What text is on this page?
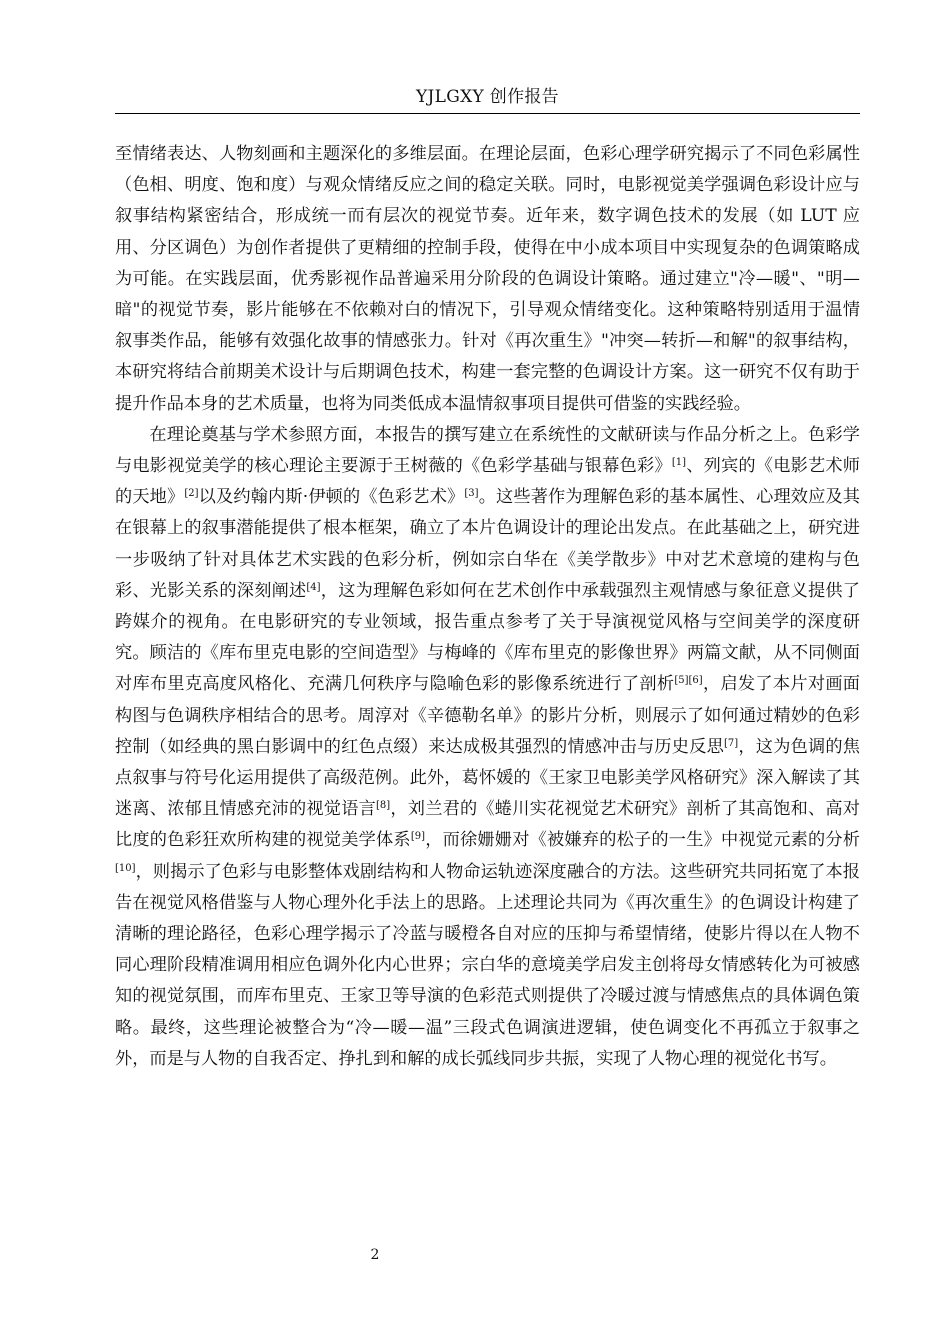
YJLGXY 创作报告

至情绪表达、人物刻画和主题深化的多维层面。在理论层面，色彩心理学研究揭示了不同色彩属性（色相、明度、饱和度）与观众情绪反应之间的稳定关联。同时，电影视觉美学强调色彩设计应与叙事结构紧密结合，形成统一而有层次的视觉节奏。近年来，数字调色技术的发展（如 LUT 应用、分区调色）为创作者提供了更精细的控制手段，使得在中小成本项目中实现复杂的色调策略成为可能。在实践层面，优秀影视作品普遍采用分阶段的色调设计策略。通过建立"冷—暖"、"明—暗"的视觉节奏，影片能够在不依赖对白的情况下，引导观众情绪变化。这种策略特别适用于温情叙事类作品，能够有效强化故事的情感张力。针对《再次重生》"冲突—转折—和解"的叙事结构，本研究将结合前期美术设计与后期调色技术，构建一套完整的色调设计方案。这一研究不仅有助于提升作品本身的艺术质量，也将为同类低成本温情叙事项目提供可借鉴的实践经验。

在理论奠基与学术参照方面，本报告的撰写建立在系统性的文献研读与作品分析之上。色彩学与电影视觉美学的核心理论主要源于王树薇的《色彩学基础与银幕色彩》[1]、列宾的《电影艺术师的天地》[2]以及约翰内斯·伊顿的《色彩艺术》[3]。这些著作为理解色彩的基本属性、心理效应及其在银幕上的叙事潜能提供了根本框架，确立了本片色调设计的理论出发点。在此基础之上，研究进一步吸纳了针对具体艺术实践的色彩分析，例如宗白华在《美学散步》中对艺术意境的建构与色彩、光影关系的深刻阐述[4]，这为理解色彩如何在艺术创作中承载强烈主观情感与象征意义提供了跨媒介的视角。在电影研究的专业领域，报告重点参考了关于导演视觉风格与空间美学的深度研究。顾洁的《库布里克电影的空间造型》与梅峰的《库布里克的影像世界》两篇文献，从不同侧面对库布里克高度风格化、充满几何秩序与隐喻色彩的影像系统进行了剖析[5][6]，启发了本片对画面构图与色调秩序相结合的思考。周淳对《辛德勒名单》的影片分析，则展示了如何通过精妙的色彩控制（如经典的黑白影调中的红色点缀）来达成极其强烈的情感冲击与历史反思[7]，这为色调的焦点叙事与符号化运用提供了高级范例。此外，葛怀媛的《王家卫电影美学风格研究》深入解读了其迷离、浓郁且情感充沛的视觉语言[8]，刘兰君的《蜷川实花视觉艺术研究》剖析了其高饱和、高对比度的色彩狂欢所构建的视觉美学体系[9]，而徐姗姗对《被嫌弃的松子的一生》中视觉元素的分析[10]，则揭示了色彩与电影整体戏剧结构和人物命运轨迹深度融合的方法。这些研究共同拓宽了本报告在视觉风格借鉴与人物心理外化手法上的思路。上述理论共同为《再次重生》的色调设计构建了清晰的理论路径，色彩心理学揭示了冷蓝与暖橙各自对应的压抑与希望情绪，使影片得以在人物不同心理阶段精准调用相应色调外化内心世界；宗白华的意境美学启发主创将母女情感转化为可被感知的视觉氛围，而库布里克、王家卫等导演的色彩范式则提供了冷暖过渡与情感焦点的具体调色策略。最终，这些理论被整合为“冷—暖—温”三段式色调演进逻辑，使色调变化不再孤立于叙事之外，而是与人物的自我否定、挣扎到和解的成长弧线同步共振，实现了人物心理的视觉化书写。

2
